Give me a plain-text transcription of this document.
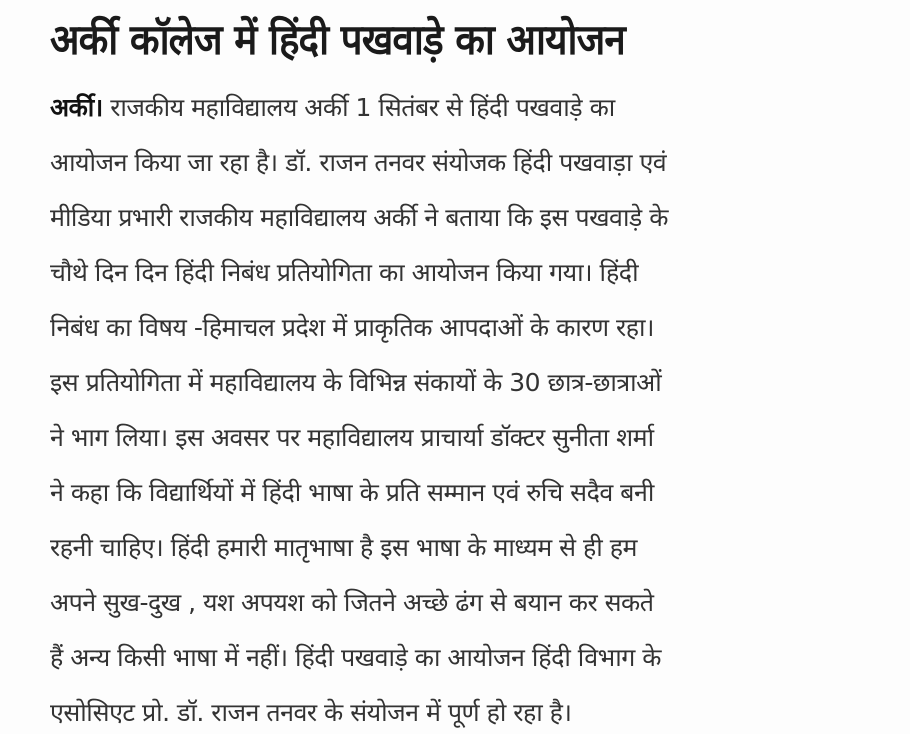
अर्की कॉलेज में हिंदी पखवाड़े का आयोजन
अर्की। राजकीय महाविद्यालय अर्की 1 सितंबर से हिंदी पखवाड़े का
आयोजन किया जा रहा है। डॉ. राजन तनवर संयोजक हिंदी पखवाड़ा एवं
मीडिया प्रभारी राजकीय महाविद्यालय अर्की ने बताया कि इस पखवाड़े के
चौथे दिन दिन हिंदी निबंध प्रतियोगिता का आयोजन किया गया। हिंदी
निबंध का विषय -हिमाचल प्रदेश में प्राकृतिक आपदाओं के कारण रहा।
इस प्रतियोगिता में महाविद्यालय के विभिन्न संकायों के 30 छात्र-छात्राओं
ने भाग लिया। इस अवसर पर महाविद्यालय प्राचार्या डॉक्टर सुनीता शर्मा
ने कहा कि विद्यार्थियों में हिंदी भाषा के प्रति सम्मान एवं रुचि सदैव बनी
रहनी चाहिए। हिंदी हमारी मातृभाषा है इस भाषा के माध्यम से ही हम
अपने सुख-दुख , यश अपयश को जितने अच्छे ढंग से बयान कर सकते
हैं अन्य किसी भाषा में नहीं। हिंदी पखवाड़े का आयोजन हिंदी विभाग के
एसोसिएट प्रो. डॉ. राजन तनवर के संयोजन में पूर्ण हो रहा है।
